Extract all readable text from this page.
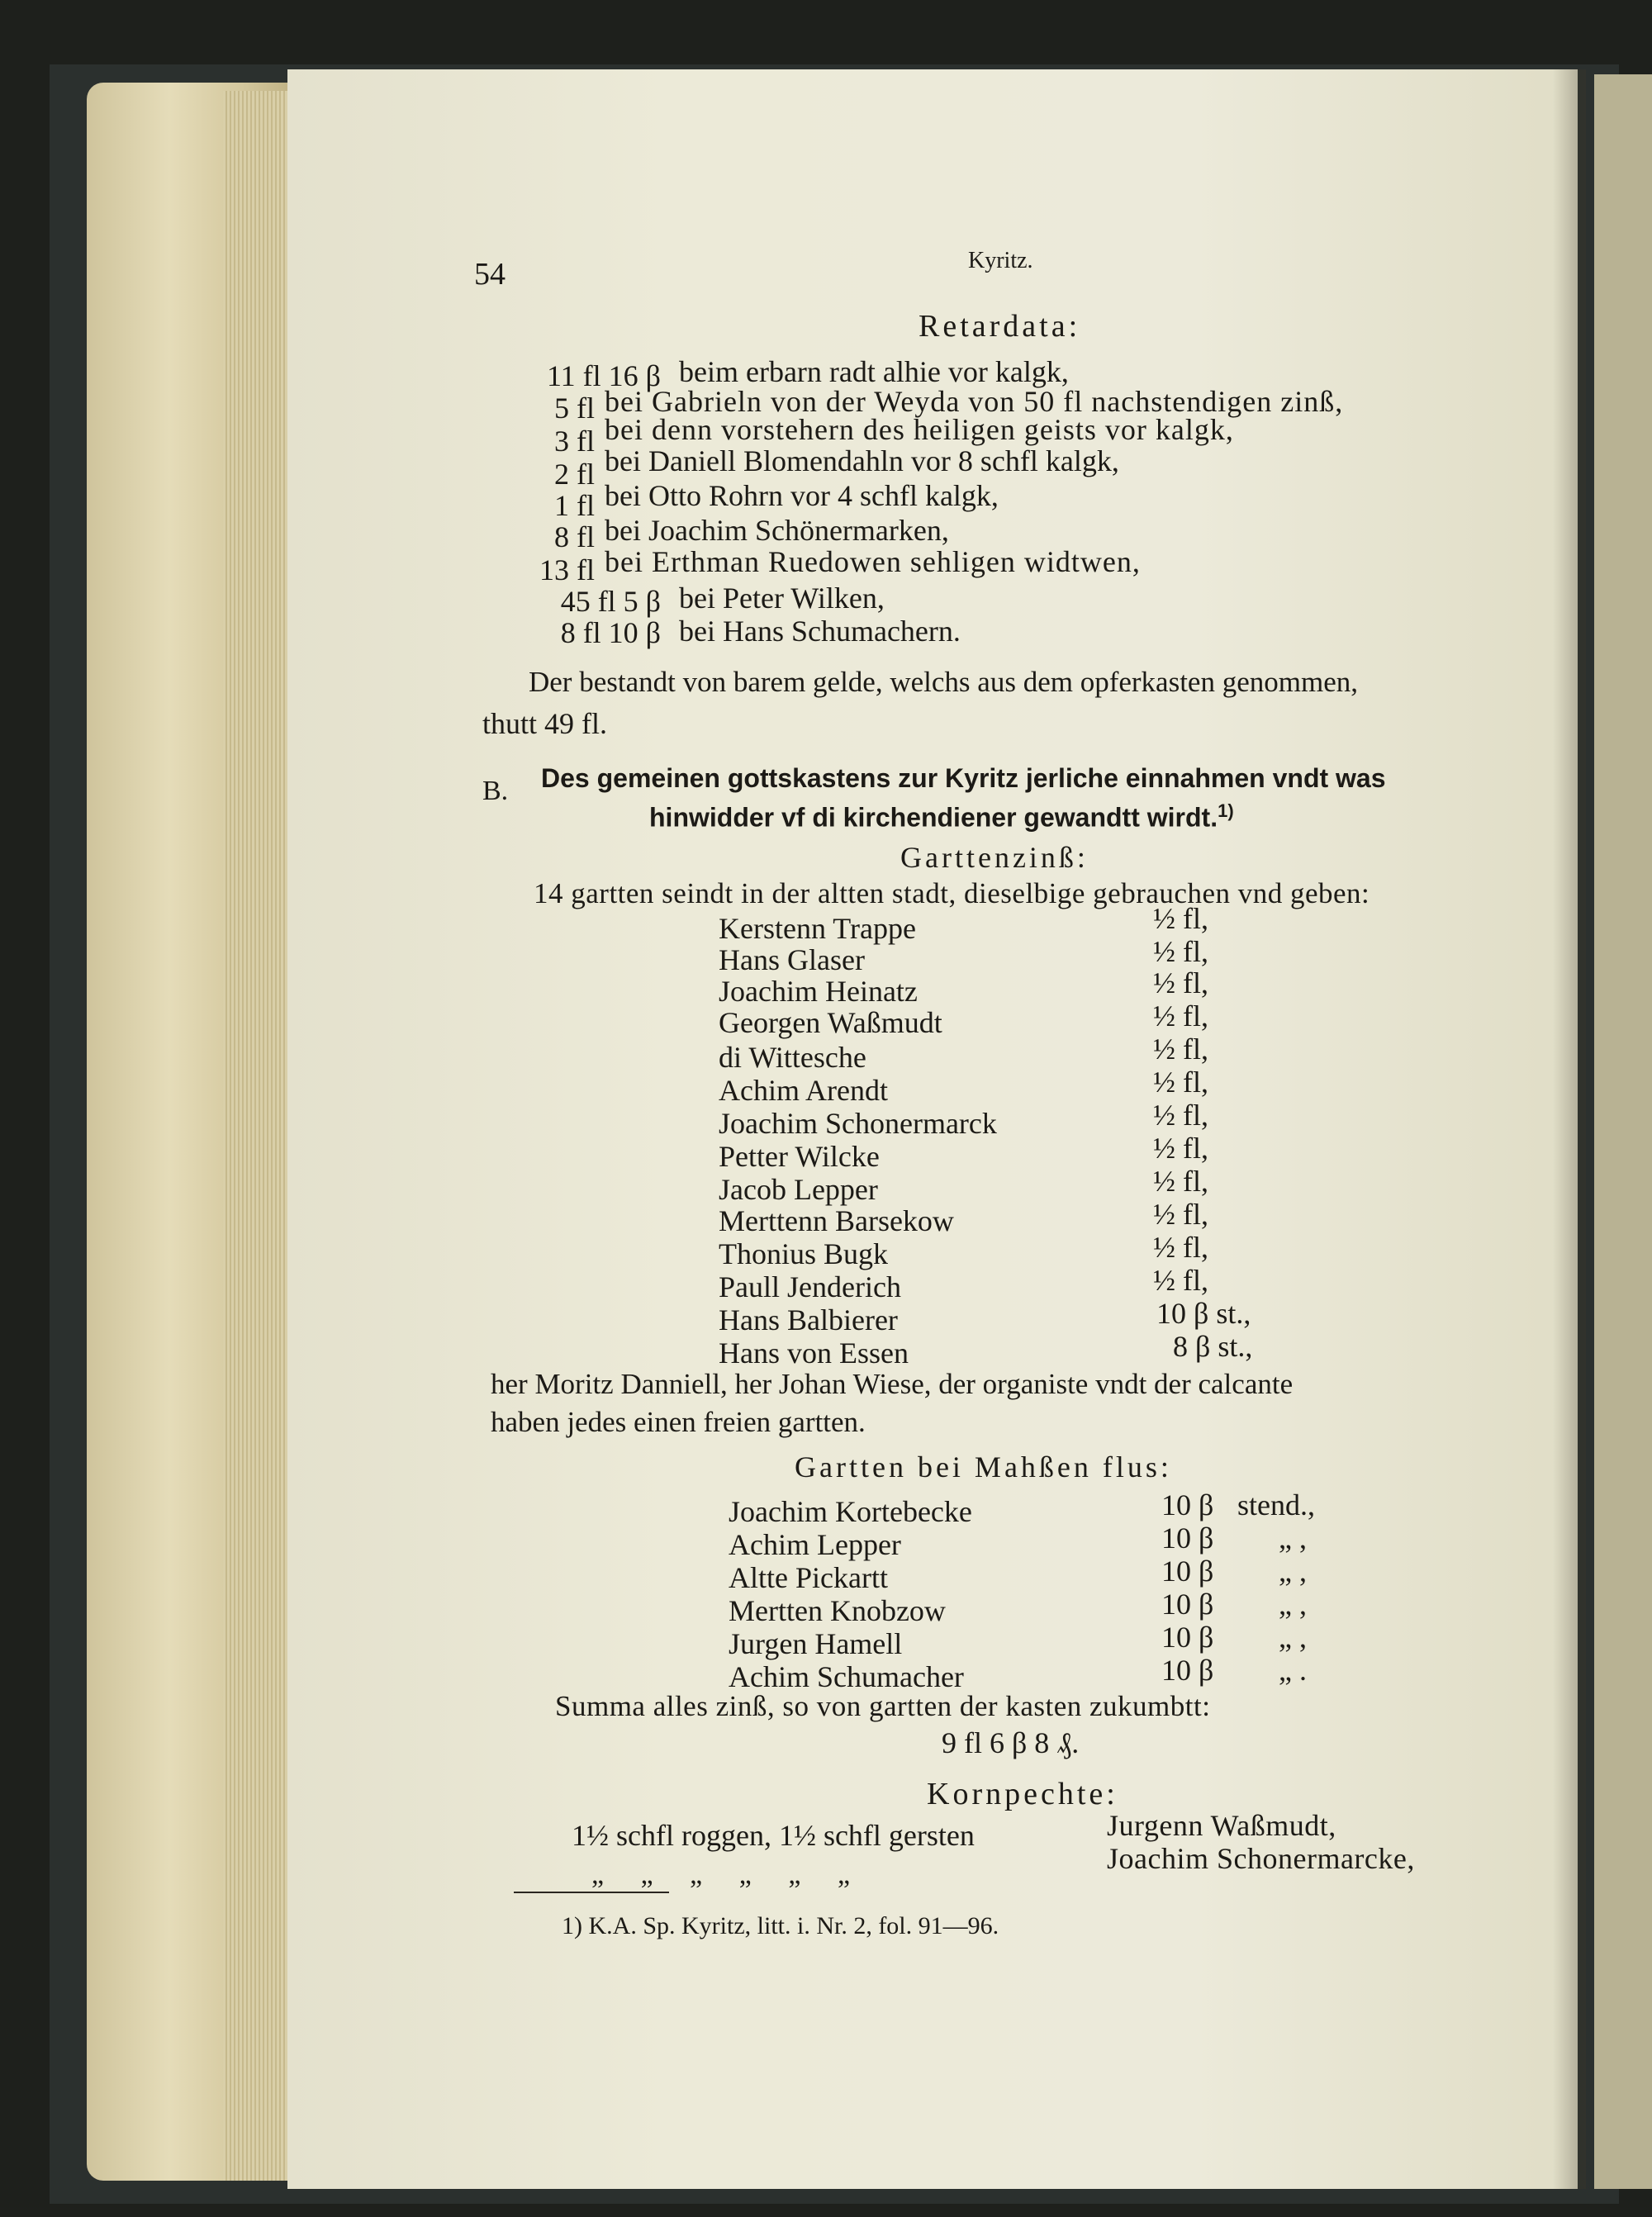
54	Kyritz.
Retardata:
11 fl 16 β beim erbarn radt alhie vor kalgk,
5 fl bei Gabrieln von der Weyda von 50 fl nachstendigen zinß,
3 fl bei denn vorstehern des heiligen geists vor kalgk,
2 fl bei Daniell Blomendahln vor 8 schfl kalgk,
1 fl bei Otto Rohrn vor 4 schfl kalgk,
8 fl bei Joachim Schönermarken,
13 fl bei Erthman Ruedowen sehligen widtwen,
45 fl 5 β bei Peter Wilken,
8 fl 10 β bei Hans Schumachern.
Der bestandt von barem gelde, welchs aus dem opferkasten genommen,
thutt 49 fl.
B. Des gemeinen gottskastens zur Kyritz jerliche einnahmen vndt was
hinwidder vf di kirchendiener gewandtt wirdt.$^{1)}$
Garttenzinß:
14 gartten seindt in der altten stadt, dieselbige gebrauchen vnd geben:
Kerstenn Trappe	½ fl,
Hans Glaser	½ fl,
Joachim Heinatz	½ fl,
Georgen Waßmudt	½ fl,
di Wittesche	½ fl,
Achim Arendt	½ fl,
Joachim Schonermarck	½ fl,
Petter Wilcke	½ fl,
Jacob Lepper	½ fl,
Merttenn Barsekow	½ fl,
Thonius Bugk	½ fl,
Paull Jenderich	½ fl,
Hans Balbierer	10 β st.,
Hans von Essen	8 β st.,
her Moritz Danniell, her Johan Wiese, der organiste vndt der calcante
haben jedes einen freien gartten.
Gartten bei Mahßen flus:
Joachim Kortebecke	10 β stend.,
Achim Lepper	10 β „ ,
Altte Pickartt	10 β „ ,
Mertten Knobzow	10 β „ ,
Jurgen Hamell	10 β „ ,
Achim Schumacher	10 β „ .
Summa alles zinß, so von gartten der kasten zukumbtt:
9 fl 6 β 8 ₰.
Kornpechte:
1½ schfl roggen, 1½ schfl gersten	Jurgenn Waßmudt,
„ „ „ „ „ „	Joachim Schonermarcke,
1) K.A. Sp. Kyritz, litt. i. Nr. 2, fol. 91—96.
